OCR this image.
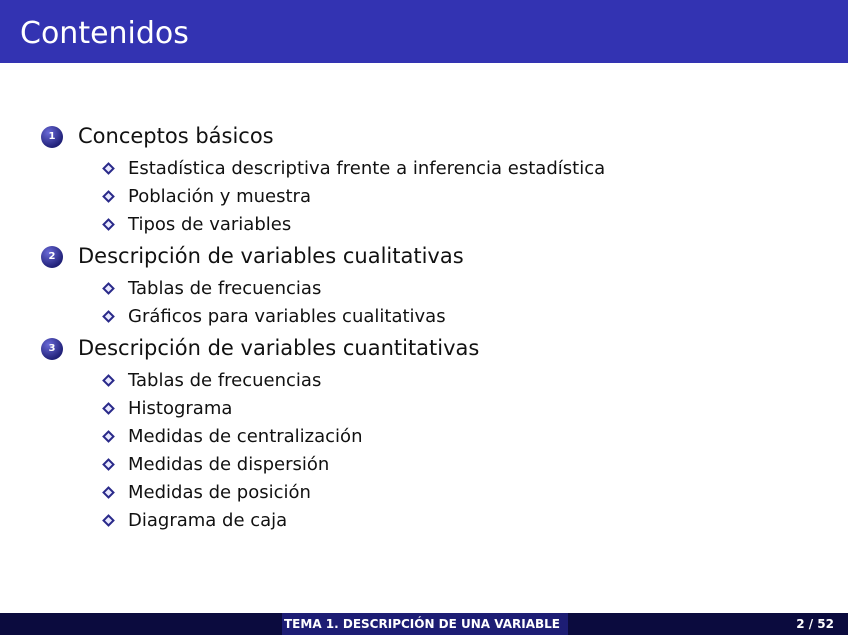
Contenidos
1	Conceptos básicos
Estadística descriptiva frente a inferencia estadística
Población y muestra
Tipos de variables
2	Descripción de variables cualitativas
Tablas de frecuencias
Gráficos para variables cualitativas
3	Descripción de variables cuantitativas
Tablas de frecuencias
Histograma
Medidas de centralización
Medidas de dispersión
Medidas de posición
Diagrama de caja
TEMA 1. DESCRIPCIÓN DE UNA VARIABLE	2 / 52
